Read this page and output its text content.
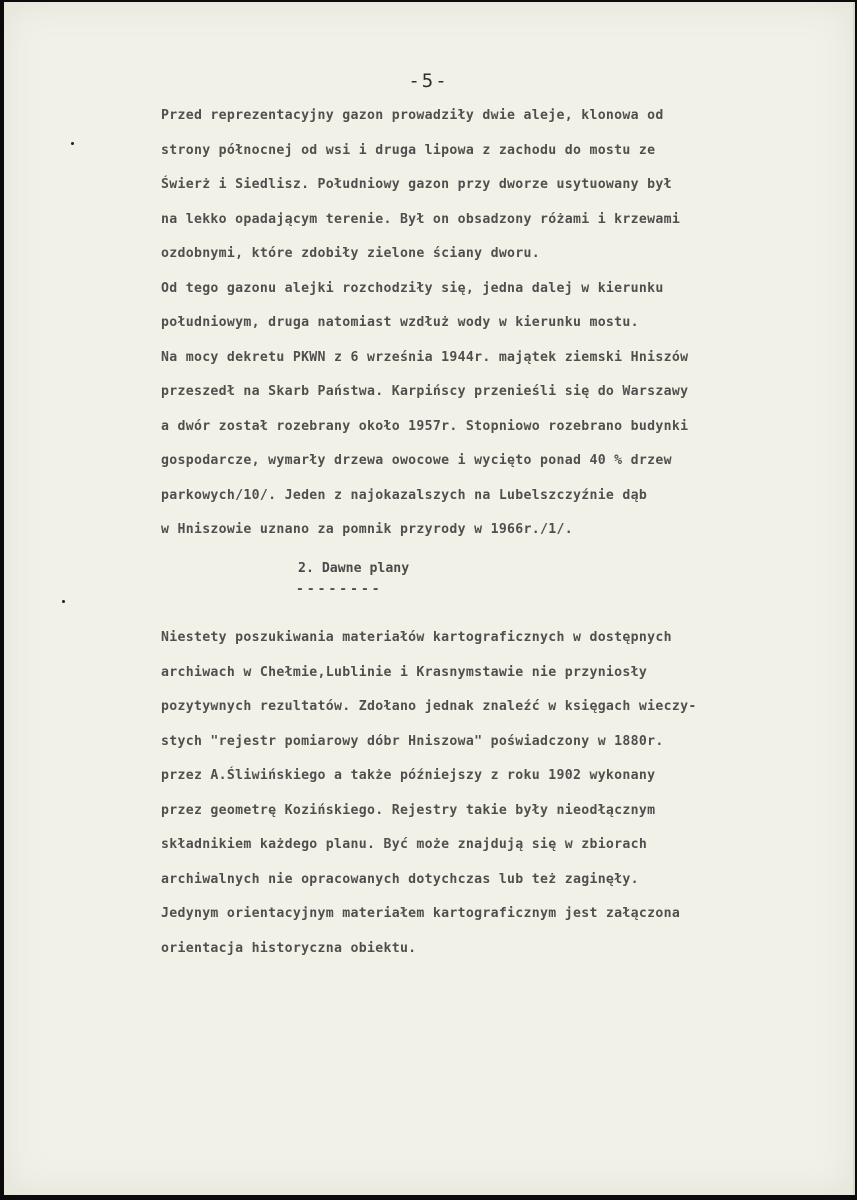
-5-
Przed reprezentacyjny gazon prowadziły dwie aleje, klonowa od
strony północnej od wsi i druga lipowa z zachodu do mostu ze
Świerż i Siedlisz. Południowy gazon przy dworze usytuowany był
na lekko opadającym terenie. Był on obsadzony różami i krzewami
ozdobnymi, które zdobiły zielone ściany dworu.
Od tego gazonu alejki rozchodziły się, jedna dalej w kierunku
południowym, druga natomiast wzdłuż wody w kierunku mostu.
Na mocy dekretu PKWN z 6 września 1944r. majątek ziemski Hniszów
przeszedł na Skarb Państwa. Karpińscy przenieśli się do Warszawy
a dwór został rozebrany około 1957r. Stopniowo rozebrano budynki
gospodarcze, wymarły drzewa owocowe i wycięto ponad 40 % drzew
parkowych/10/. Jeden z najokazalszych na Lubelszczyźnie dąb
w Hniszowie uznano za pomnik przyrody w 1966r./1/.
2. Dawne plany
--------
Niestety poszukiwania materiałów kartograficznych w dostępnych
archiwach w Chełmie,Lublinie i Krasnymstawie nie przyniosły
pozytywnych rezultatów. Zdołano jednak znaleźć w księgach wieczy-
stych "rejestr pomiarowy dóbr Hniszowa" poświadczony w 1880r.
przez A.Śliwińskiego a także późniejszy z roku 1902 wykonany
przez geometrę Kozińskiego. Rejestry takie były nieodłącznym
składnikiem każdego planu. Być może znajdują się w zbiorach
archiwalnych nie opracowanych dotychczas lub też zaginęły.
Jedynym orientacyjnym materiałem kartograficznym jest załączona
orientacja historyczna obiektu.
